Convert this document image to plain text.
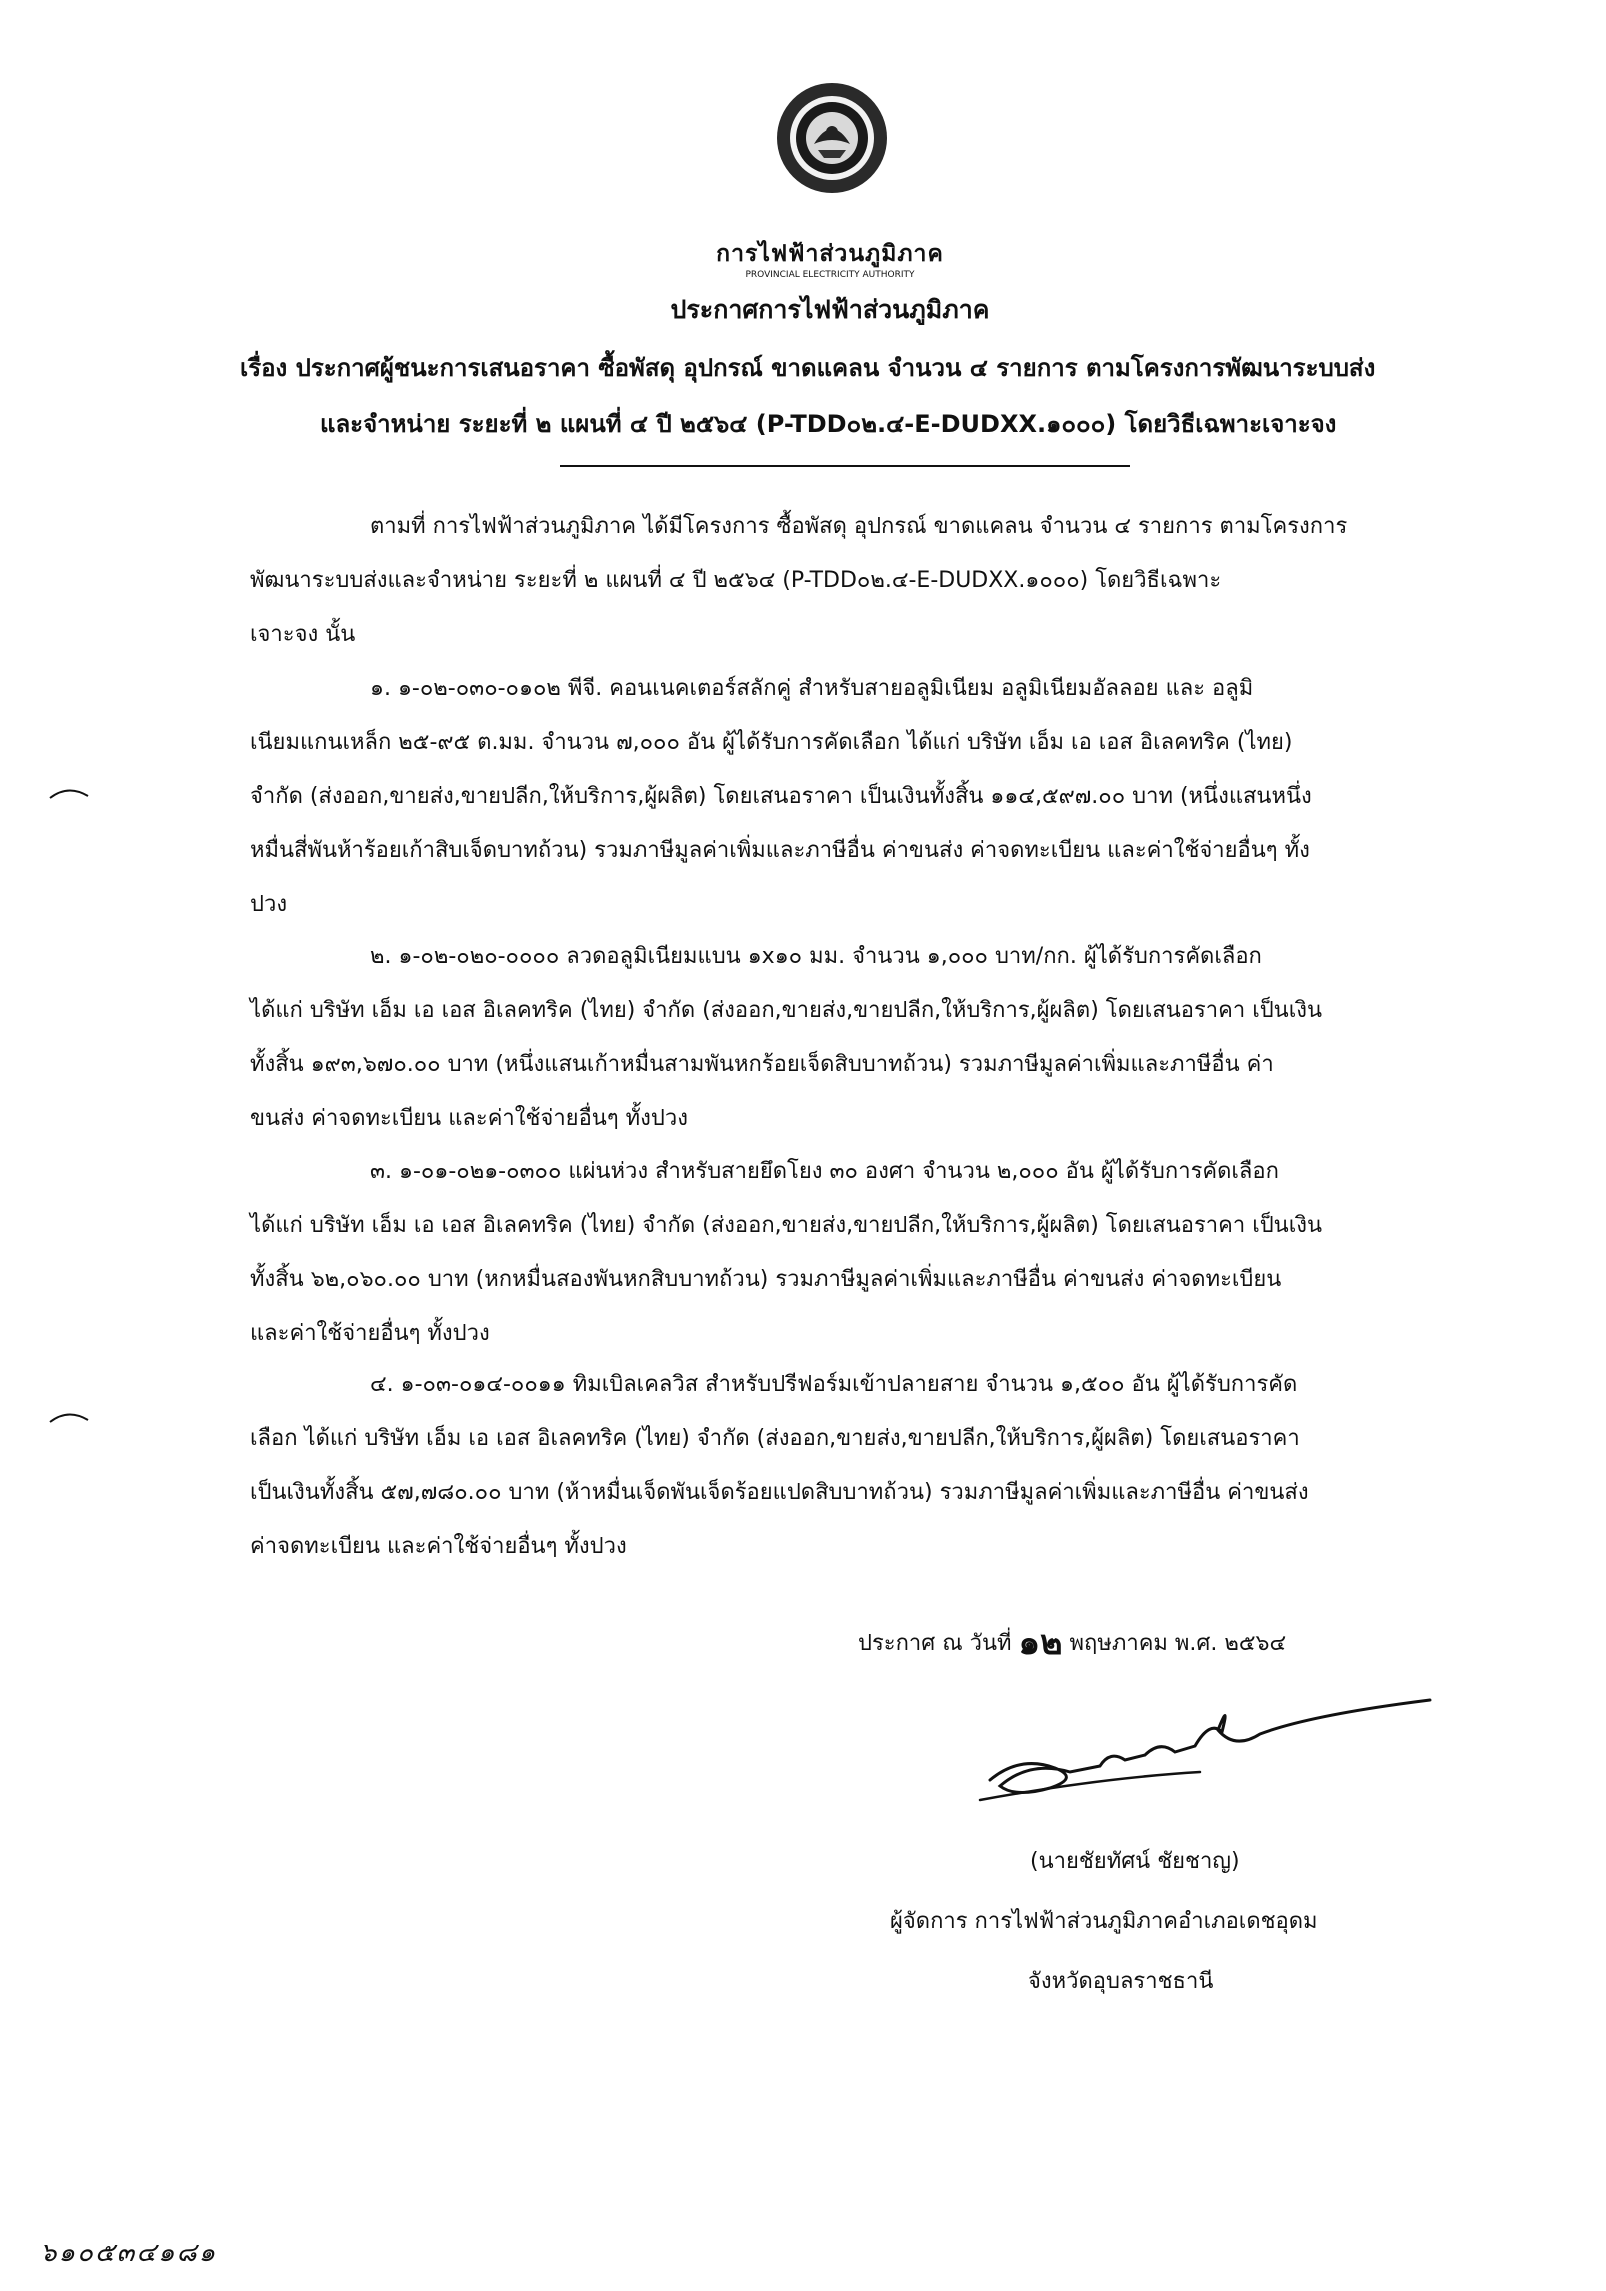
การไฟฟ้าส่วนภูมิภาค
PROVINCIAL ELECTRICITY AUTHORITY
ประกาศการไฟฟ้าส่วนภูมิภาค
เรื่อง ประกาศผู้ชนะการเสนอราคา ซื้อพัสดุ อุปกรณ์ ขาดแคลน จำนวน ๔ รายการ ตามโครงการพัฒนาระบบส่ง
และจำหน่าย ระยะที่ ๒ แผนที่ ๔ ปี ๒๕๖๔ (P-TDD๐๒.๔-E-DUDXX.๑๐๐๐) โดยวิธีเฉพาะเจาะจง
ตามที่ การไฟฟ้าส่วนภูมิภาค ได้มีโครงการ ซื้อพัสดุ อุปกรณ์ ขาดแคลน จำนวน ๔ รายการ ตามโครงการ
พัฒนาระบบส่งและจำหน่าย ระยะที่ ๒ แผนที่ ๔ ปี ๒๕๖๔ (P-TDD๐๒.๔-E-DUDXX.๑๐๐๐) โดยวิธีเฉพาะ
เจาะจง นั้น
๑. ๑-๐๒-๐๓๐-๐๑๐๒ พีจี. คอนเนคเตอร์สลักคู่ สำหรับสายอลูมิเนียม อลูมิเนียมอัลลอย และ อลูมิ
เนียมแกนเหล็ก ๒๕-๙๕ ต.มม. จำนวน ๗,๐๐๐ อัน ผู้ได้รับการคัดเลือก ได้แก่ บริษัท เอ็ม เอ เอส อิเลคทริค (ไทย)
จำกัด (ส่งออก,ขายส่ง,ขายปลีก,ให้บริการ,ผู้ผลิต) โดยเสนอราคา เป็นเงินทั้งสิ้น ๑๑๔,๕๙๗.๐๐ บาท (หนึ่งแสนหนึ่ง
หมื่นสี่พันห้าร้อยเก้าสิบเจ็ดบาทถ้วน) รวมภาษีมูลค่าเพิ่มและภาษีอื่น ค่าขนส่ง ค่าจดทะเบียน และค่าใช้จ่ายอื่นๆ ทั้ง
ปวง
๒. ๑-๐๒-๐๒๐-๐๐๐๐ ลวดอลูมิเนียมแบน ๑x๑๐ มม. จำนวน ๑,๐๐๐ บาท/กก. ผู้ได้รับการคัดเลือก
ได้แก่ บริษัท เอ็ม เอ เอส อิเลคทริค (ไทย) จำกัด (ส่งออก,ขายส่ง,ขายปลีก,ให้บริการ,ผู้ผลิต) โดยเสนอราคา เป็นเงิน
ทั้งสิ้น ๑๙๓,๖๗๐.๐๐ บาท (หนึ่งแสนเก้าหมื่นสามพันหกร้อยเจ็ดสิบบาทถ้วน) รวมภาษีมูลค่าเพิ่มและภาษีอื่น ค่า
ขนส่ง ค่าจดทะเบียน และค่าใช้จ่ายอื่นๆ ทั้งปวง
๓. ๑-๐๑-๐๒๑-๐๓๐๐ แผ่นห่วง สำหรับสายยึดโยง ๓๐ องศา จำนวน ๒,๐๐๐ อัน ผู้ได้รับการคัดเลือก
ได้แก่ บริษัท เอ็ม เอ เอส อิเลคทริค (ไทย) จำกัด (ส่งออก,ขายส่ง,ขายปลีก,ให้บริการ,ผู้ผลิต) โดยเสนอราคา เป็นเงิน
ทั้งสิ้น ๖๒,๐๖๐.๐๐ บาท (หกหมื่นสองพันหกสิบบาทถ้วน) รวมภาษีมูลค่าเพิ่มและภาษีอื่น ค่าขนส่ง ค่าจดทะเบียน
และค่าใช้จ่ายอื่นๆ ทั้งปวง
๔. ๑-๐๓-๐๑๔-๐๐๑๑ ทิมเบิลเคลวิส สำหรับปรีฟอร์มเข้าปลายสาย จำนวน ๑,๕๐๐ อัน ผู้ได้รับการคัด
เลือก ได้แก่ บริษัท เอ็ม เอ เอส อิเลคทริค (ไทย) จำกัด (ส่งออก,ขายส่ง,ขายปลีก,ให้บริการ,ผู้ผลิต) โดยเสนอราคา
เป็นเงินทั้งสิ้น ๕๗,๗๘๐.๐๐ บาท (ห้าหมื่นเจ็ดพันเจ็ดร้อยแปดสิบบาทถ้วน) รวมภาษีมูลค่าเพิ่มและภาษีอื่น ค่าขนส่ง
ค่าจดทะเบียน และค่าใช้จ่ายอื่นๆ ทั้งปวง
ประกาศ ณ วันที่ ๑๒ พฤษภาคม พ.ศ. ๒๕๖๔
(นายชัยทัศน์ ชัยชาญ)
ผู้จัดการ การไฟฟ้าส่วนภูมิภาคอำเภอเดชอุดม
จังหวัดอุบลราชธานี
๖๑๐๕๓๔๑๘๑
